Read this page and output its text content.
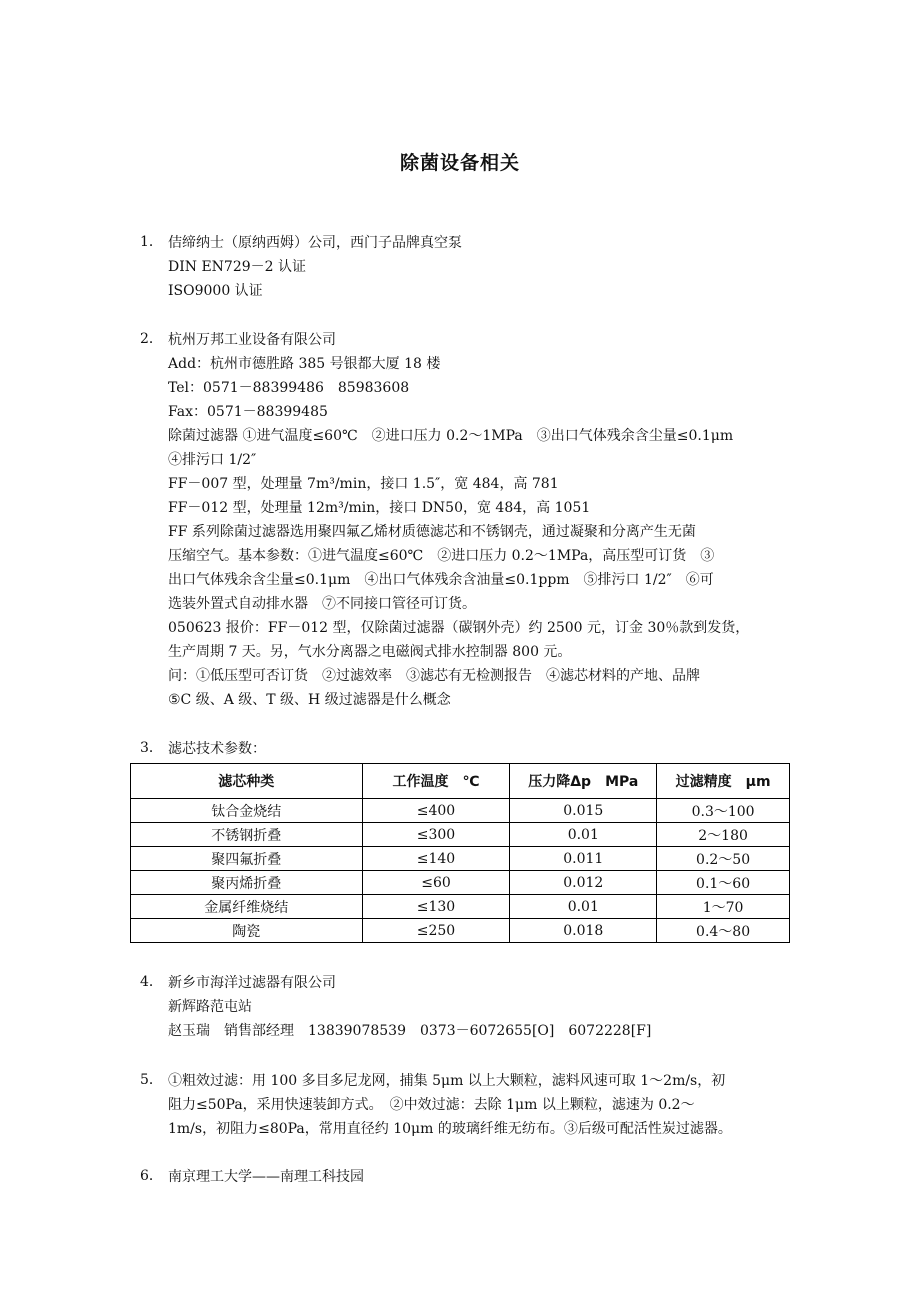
除菌设备相关
1． 佶缔纳士（原纳西姆）公司，西门子品牌真空泵
DIN EN729－2 认证
ISO9000 认证
2． 杭州万邦工业设备有限公司
Add：杭州市德胜路 385 号银都大厦 18 楼
Tel：0571－88399486　85983608
Fax：0571－88399485
除菌过滤器 ①进气温度≤60℃　②进口压力 0.2～1MPa　③出口气体残余含尘量≤0.1μm
④排污口 1/2″
FF－007 型，处理量 7m³/min，接口 1.5″，宽 484，高 781
FF－012 型，处理量 12m³/min，接口 DN50，宽 484，高 1051
FF 系列除菌过滤器选用聚四氟乙烯材质德滤芯和不锈钢壳，通过凝聚和分离产生无菌
压缩空气。基本参数：①进气温度≤60℃　②进口压力 0.2～1MPa，高压型可订货　③
出口气体残余含尘量≤0.1μm　④出口气体残余含油量≤0.1ppm　⑤排污口 1/2″　⑥可
选装外置式自动排水器　⑦不同接口管径可订货。
050623 报价：FF－012 型，仅除菌过滤器（碳钢外壳）约 2500 元，订金 30％款到发货，
生产周期 7 天。另，气水分离器之电磁阀式排水控制器 800 元。
问：①低压型可否订货　②过滤效率　③滤芯有无检测报告　④滤芯材料的产地、品牌
⑤C 级、A 级、T 级、H 级过滤器是什么概念
3． 滤芯技术参数：
滤芯种类	工作温度　℃	压力降Δp　MPa	过滤精度　μm
钛合金烧结	≤400	0.015	0.3～100
不锈钢折叠	≤300	0.01	2～180
聚四氟折叠	≤140	0.011	0.2～50
聚丙烯折叠	≤60	0.012	0.1～60
金属纤维烧结	≤130	0.01	1～70
陶瓷	≤250	0.018	0.4～80
4． 新乡市海洋过滤器有限公司
新辉路范屯站
赵玉瑞　销售部经理　13839078539　0373－6072655[O]　6072228[F]
5． ①粗效过滤：用 100 多目多尼龙网，捕集 5μm 以上大颗粒，滤料风速可取 1～2m/s，初
阻力≤50Pa，采用快速装卸方式。　②中效过滤：去除 1μm 以上颗粒，滤速为 0.2～
1m/s，初阻力≤80Pa，常用直径约 10μm 的玻璃纤维无纺布。③后级可配活性炭过滤器。
6． 南京理工大学——南理工科技园
